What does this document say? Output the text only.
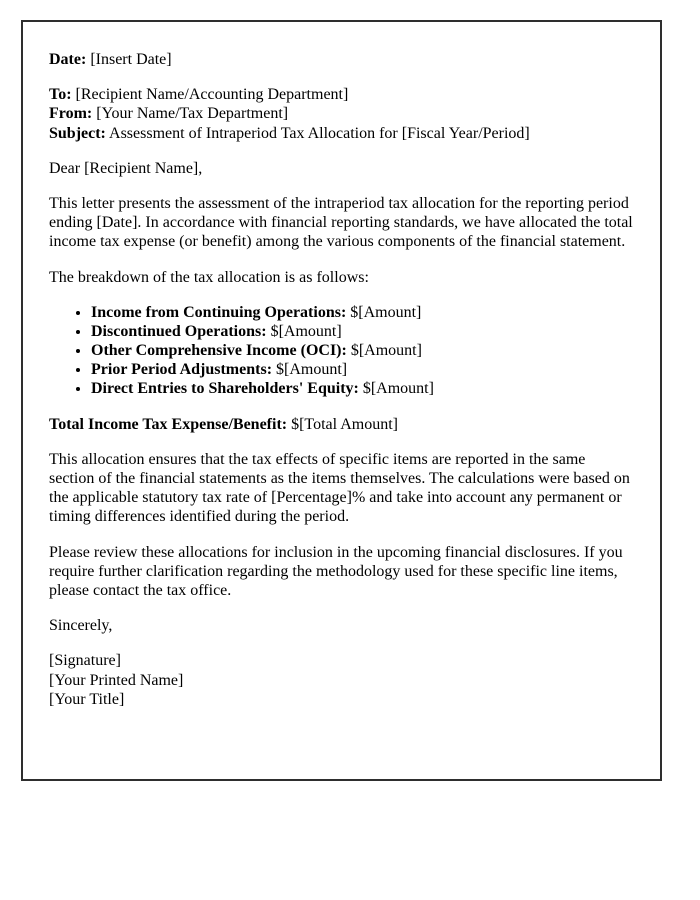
Date: [Insert Date]

To: [Recipient Name/Accounting Department]
From: [Your Name/Tax Department]
Subject: Assessment of Intraperiod Tax Allocation for [Fiscal Year/Period]

Dear [Recipient Name],

This letter presents the assessment of the intraperiod tax allocation for the reporting period ending [Date]. In accordance with financial reporting standards, we have allocated the total income tax expense (or benefit) among the various components of the financial statement.

The breakdown of the tax allocation is as follows:

• Income from Continuing Operations: $[Amount]
• Discontinued Operations: $[Amount]
• Other Comprehensive Income (OCI): $[Amount]
• Prior Period Adjustments: $[Amount]
• Direct Entries to Shareholders' Equity: $[Amount]

Total Income Tax Expense/Benefit: $[Total Amount]

This allocation ensures that the tax effects of specific items are reported in the same section of the financial statements as the items themselves. The calculations were based on the applicable statutory tax rate of [Percentage]% and take into account any permanent or timing differences identified during the period.

Please review these allocations for inclusion in the upcoming financial disclosures. If you require further clarification regarding the methodology used for these specific line items, please contact the tax office.

Sincerely,

[Signature]
[Your Printed Name]
[Your Title]
